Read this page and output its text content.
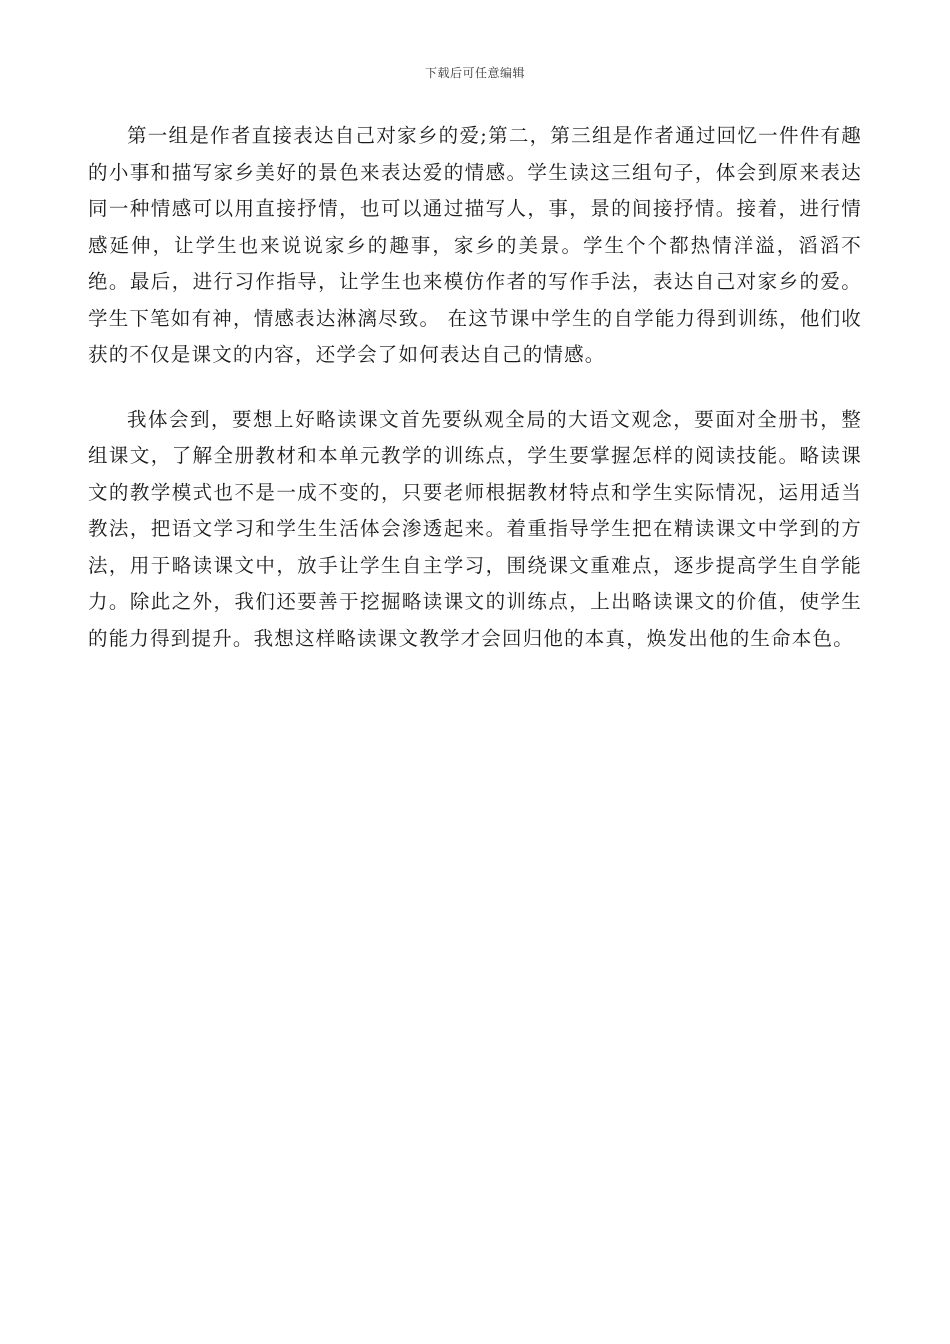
下载后可任意编辑

第一组是作者直接表达自己对家乡的爱;第二，第三组是作者通过回忆一件件有趣的小事和描写家乡美好的景色来表达爱的情感。学生读这三组句子，体会到原来表达同一种情感可以用直接抒情，也可以通过描写人，事，景的间接抒情。接着，进行情感延伸，让学生也来说说家乡的趣事，家乡的美景。学生个个都热情洋溢，滔滔不绝。最后，进行习作指导，让学生也来模仿作者的写作手法，表达自己对家乡的爱。学生下笔如有神，情感表达淋漓尽致。 在这节课中学生的自学能力得到训练，他们收获的不仅是课文的内容，还学会了如何表达自己的情感。

我体会到，要想上好略读课文首先要纵观全局的大语文观念，要面对全册书，整组课文，了解全册教材和本单元教学的训练点，学生要掌握怎样的阅读技能。略读课文的教学模式也不是一成不变的，只要老师根据教材特点和学生实际情况，运用适当教法，把语文学习和学生生活体会渗透起来。着重指导学生把在精读课文中学到的方法，用于略读课文中，放手让学生自主学习，围绕课文重难点，逐步提高学生自学能力。除此之外，我们还要善于挖掘略读课文的训练点，上出略读课文的价值，使学生的能力得到提升。我想这样略读课文教学才会回归他的本真，焕发出他的生命本色。
